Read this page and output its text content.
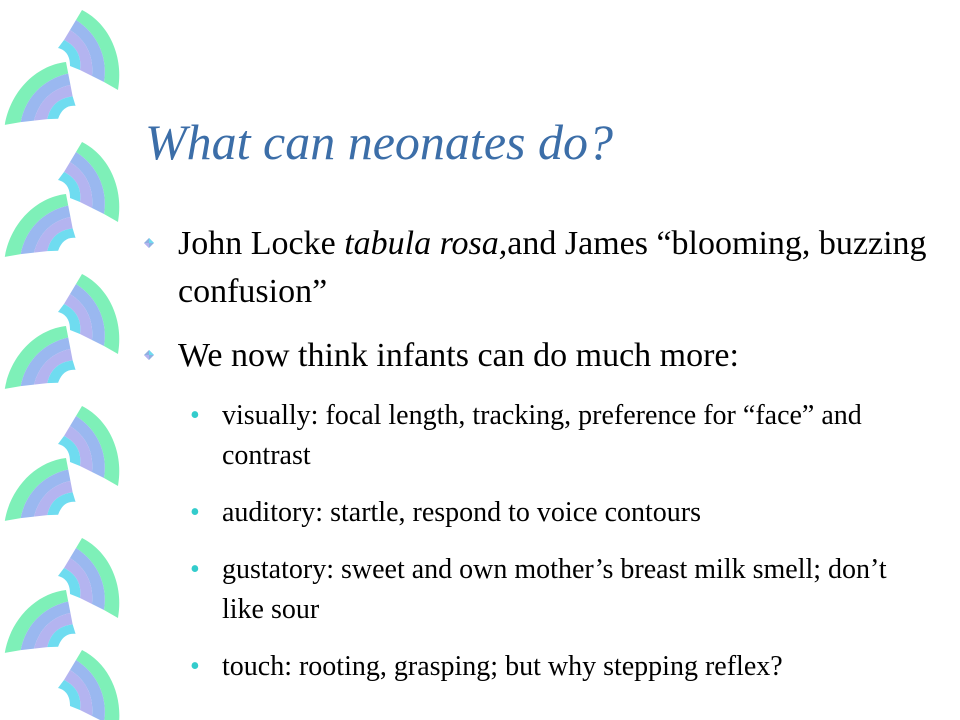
What can neonates do?
John Locke tabula rosa,and James “blooming, buzzing confusion”
We now think infants can do much more:
• visually: focal length, tracking, preference for “face” and contrast
• auditory: startle, respond to voice contours
• gustatory: sweet and own mother’s breast milk smell; don’t like sour
• touch: rooting, grasping; but why stepping reflex?
